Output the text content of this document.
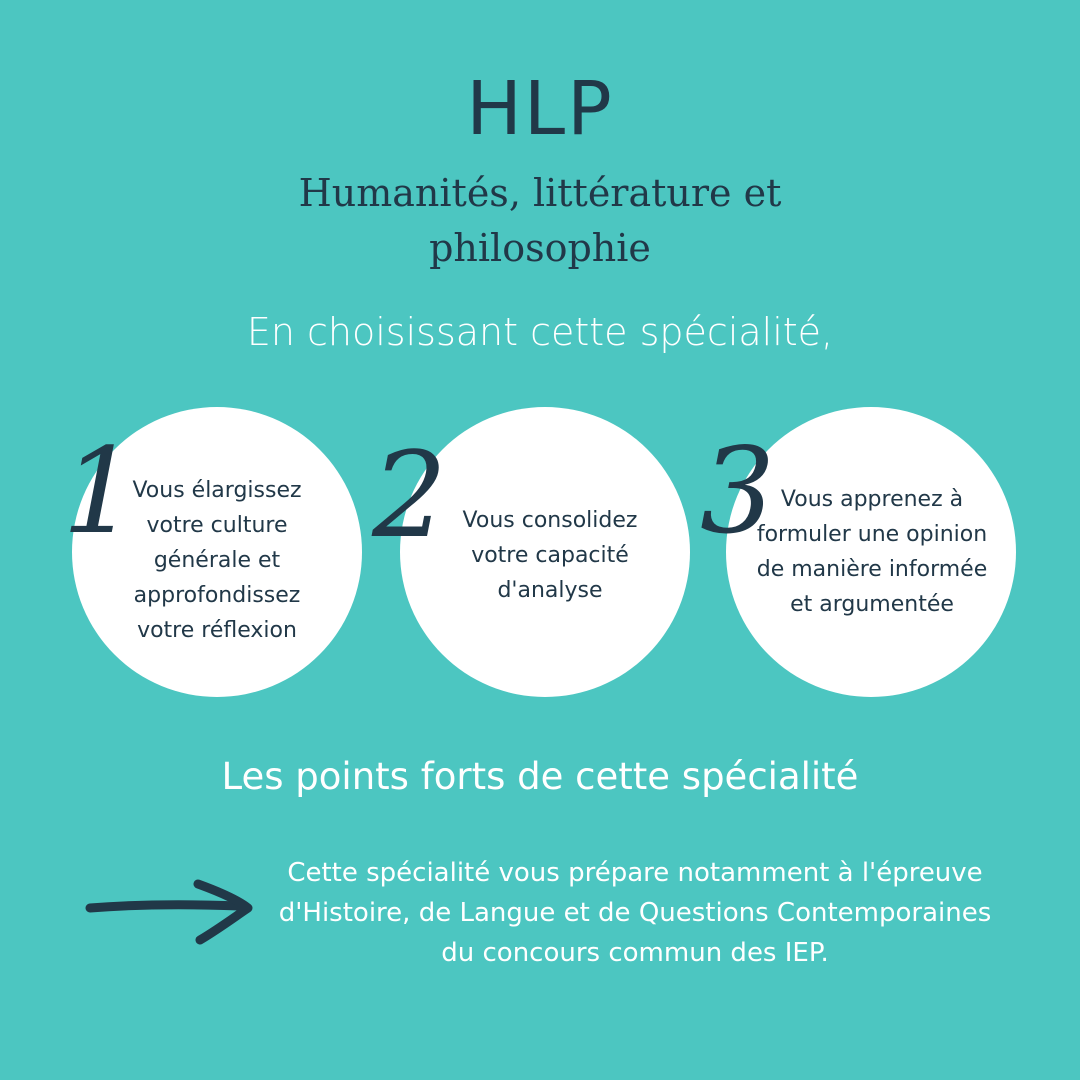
HLP
Humanités, littérature et philosophie
En choisissant cette spécialité,
Vous élargissez votre culture générale et approfondissez votre réflexion
1	Vous consolidez votre capacité d'analyse
2	Vous apprenez à formuler une opinion de manière informée et argumentée
3
Les points forts de cette spécialité
Cette spécialité vous prépare notamment à l'épreuve d'Histoire, de Langue et de Questions Contemporaines du concours commun des IEP.
